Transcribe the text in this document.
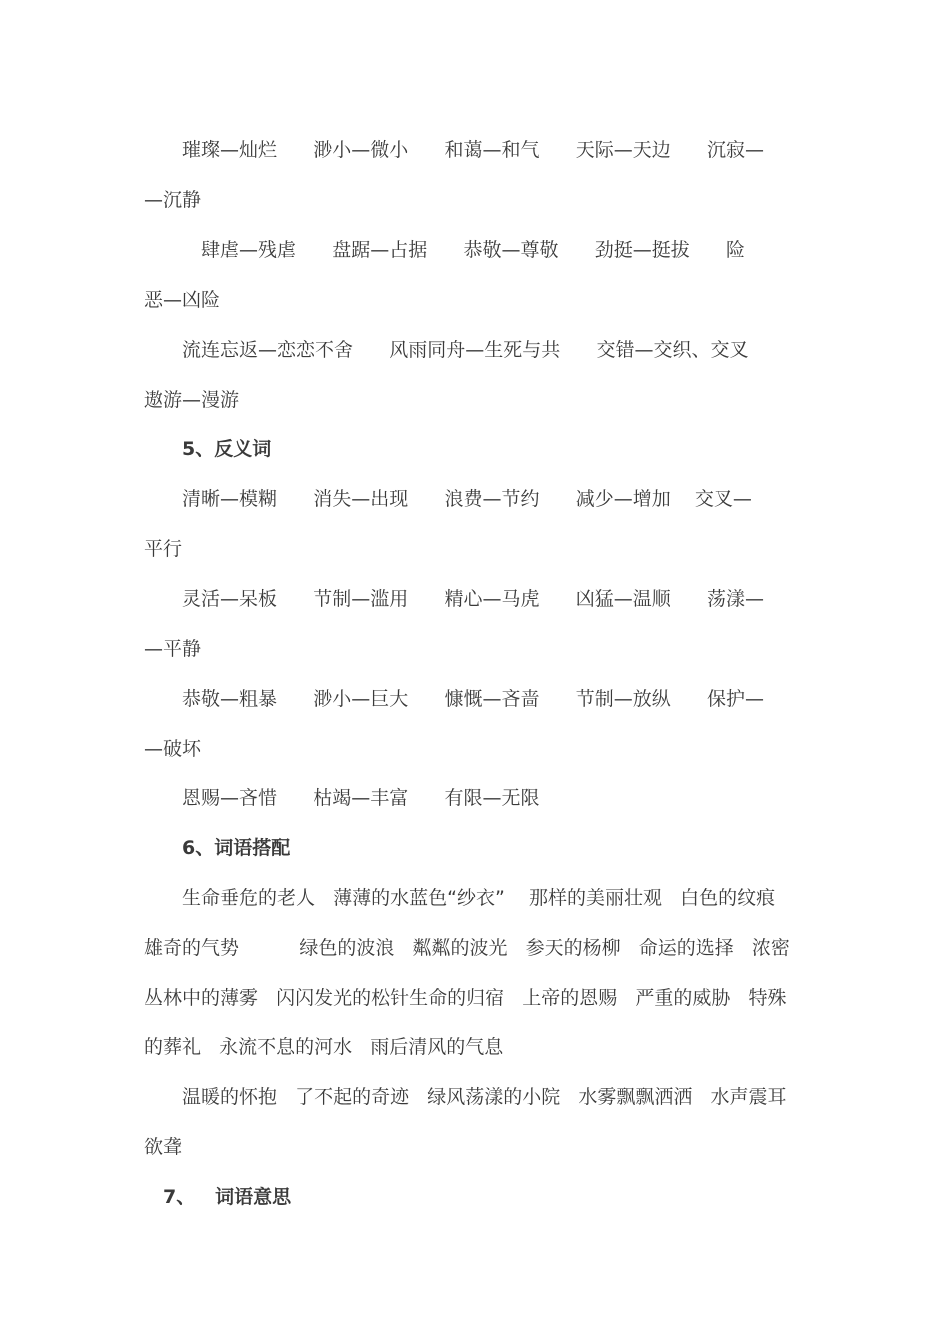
璀璨—灿烂      渺小—微小      和蔼—和气      天际—天边      沉寂—
—沉静
肆虐—残虐      盘踞—占据      恭敬—尊敬      劲挺—挺拔      险
恶—凶险
流连忘返—恋恋不舍      风雨同舟—生死与共      交错—交织、交叉
遨游—漫游
5、反义词
清晰—模糊      消失—出现      浪费—节约      减少—增加    交叉—
平行
灵活—呆板      节制—滥用      精心—马虎      凶猛—温顺      荡漾—
—平静
恭敬—粗暴      渺小—巨大      慷慨—吝啬      节制—放纵      保护—
—破坏
恩赐—吝惜      枯竭—丰富      有限—无限
6、词语搭配
生命垂危的老人   薄薄的水蓝色“纱衣”    那样的美丽壮观   白色的纹痕
雄奇的气势          绿色的波浪   粼粼的波光   参天的杨柳   命运的选择   浓密
丛林中的薄雾   闪闪发光的松针生命的归宿   上帝的恩赐   严重的威胁   特殊
的葬礼   永流不息的河水   雨后清风的气息
温暖的怀抱   了不起的奇迹   绿风荡漾的小院   水雾飘飘洒洒   水声震耳
欲聋
7、   词语意思
